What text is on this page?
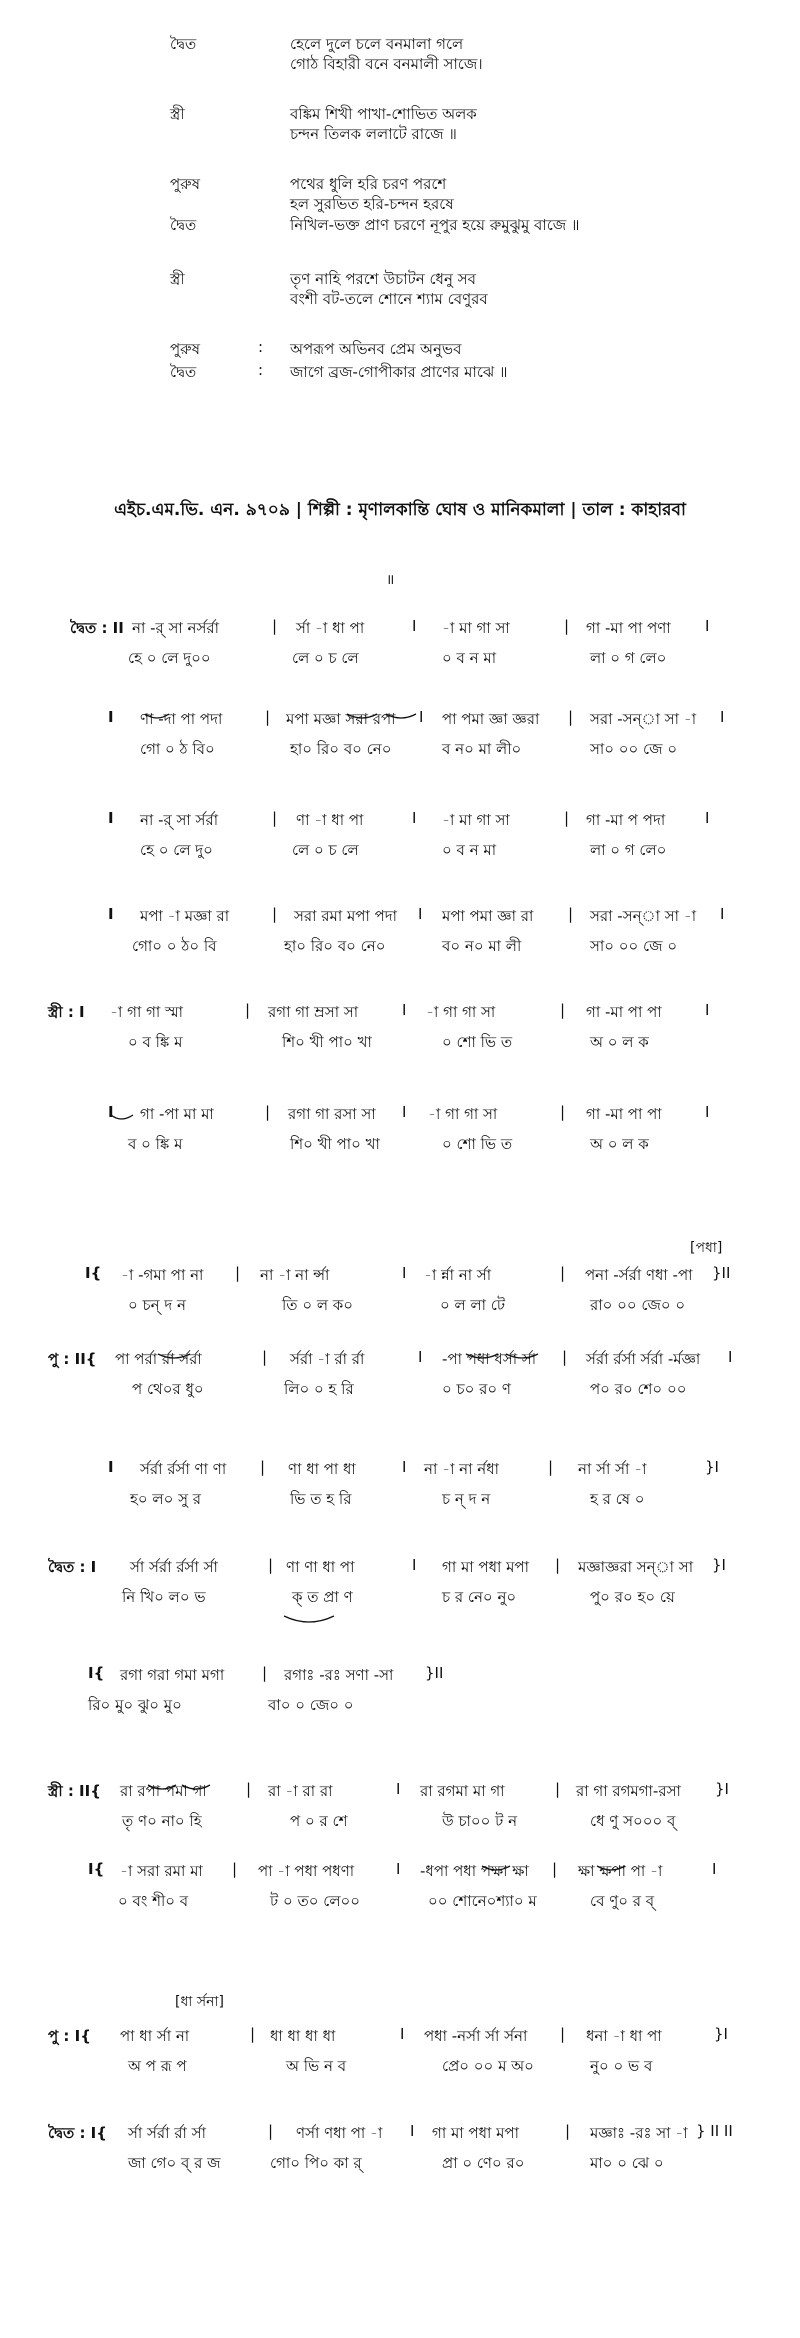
দ্বৈত	হেলে দুলে চলে বনমালা গলে
গোঠ বিহারী বনে বনমালী সাজে।
স্ত্রী	বঙ্কিম শিখী পাখা-শোভিত অলক
চন্দন তিলক ললাটে রাজে ॥
পুরুষ	পথের ধুলি হরি চরণ পরশে
হল সুরভিত হরি-চন্দন হরষে
দ্বৈত	নিখিল-ভক্ত প্রাণ চরণে নূপুর হয়ে রুমুঝুমু বাজে ॥
স্ত্রী	তৃণ নাহি পরশে উচাটন ধেনু সব
বংশী বট-তলে শোনে শ্যাম বেণুরব
পুরুষ	: অপরূপ অভিনব প্রেম অনুভব
দ্বৈত	: জাগে ব্রজ-গোপীকার প্রাণের মাঝে ॥
এইচ.এম.ভি. এন. ৯৭০৯ | শিল্পী : মৃণালকান্তি ঘোষ ও মানিকমালা | তাল : কাহারবা
॥
দ্বৈত : II না -র্ সা নর্সর্রা	| র্সা -া ধা পা	I -া মা গা সা	| গা -মা পা পণা I
হে ০ লে দু০০	লে ০ চ লে	০ ব ন মা	লা ০ গ লে০
I ণা -দা পা পদা	| মপা মজ্ঞা সরা রপা I পা পমা জ্ঞা জ্ঞরা | সরা -সন্‌া সা -া I
গো ০ ঠ বি০	হা০ রি০ ব০ নে০	ব ন০ মা লী০	সা০ ০০ জে ০
I না -র্ সা র্সর্রা	| ণা -া ধা পা	I -া মা গা সা	| গা -মা প পদা	I
হে ০ লে দু০	লে ০ চ লে	০ ব ন মা	লা ০ গ লে০
I মপা -া মজ্ঞা রা	| সরা রমা মপা পদা I মপা পমা জ্ঞা রা | সরা -সন্‌া সা -া I
গো০ ০ ঠ০ বি	হা০ রি০ ব০ নে০	ব০ ন০ মা লী	সা০ ০০ জে ০
স্ত্রী : I -া গা গা স্মা	| রগা গা ম্রসা সা	I -া গা গা সা	| গা -মা পা পা	I
০ ব ঙ্কি ম	শি০ খী পা০ খা	০ শো ভি ত	অ ০ ল ক
I গা -পা মা মা	| রগা গা রসা সা I -া গা গা সা	| গা -মা পা পা	I
ব ০ ঙ্কি ম	শি০ খী পা০ খা	০ শো ভি ত	অ ০ ল ক
I{ -া -গমা পা না | না -া না র্ন্সা	I -া র্ন্না না র্সা	| পনা -র্সর্রা ণধা -পা }II
০ চন্ দ ন	তি ০ ল ক০	০ ল লা টে	রা০ ০০ জে০ ০
পু : II{ পা পর্রা র্রা র্সর্রা	| র্সর্রা -া র্রা র্রা	I -পা পধা ধর্সা র্সা | র্সর্রা র্রর্সা র্সর্রা -র্মজ্ঞা I
প থে০র ধু০	লি০ ০ হ রি	০ চ০ র০ ণ	প০ র০ শে০ ০০
I র্সর্রা র্রর্সা ণা ণা | ণা ধা পা ধা	I না -া না র্নধা	| না র্সা র্সা -া	}I
হ০ ল০ সু র	ভি ত হ রি	চ ন্ দ ন	হ র ষে ০
দ্বৈত : I র্সা র্সর্রা র্রর্সা র্সা	| ণা ণা ধা পা	I গা মা পধা মপা | মজ্ঞাজ্ঞরা সন্‌া সা }I
নি খি০ ল০ ভ	ক্ ত প্রা ণ	চ র নে০ নু০	পু০ র০ হ০ য়ে
I{ রগা গরা গমা মগা	| রগাঃ -রঃ সণা -সা }II
রি০ মু০ ঝু০ মু০	বা০ ০ জে০ ০
স্ত্রী : II{ রা রপা পমা গা	| রা -া রা রা	I রা রগমা মা গা	| রা গা রগমগা-রসা }I
তৃ ণ০ না০ হি	প ০ র শে	উ চা০০ ট ন	ধে ণু স০০০ ব্
I{ -া সরা রমা মা | পা -া পধা পধণা	I -ধপা পধা পক্ষা ক্ষা | ক্ষা ক্ষপা পা -া	I
০ বং শী০ ব	ট ০ ত০ লে০০	০০ শোনে০শ্যা০ ম	বে ণু০ র ব্
পু : I{ পা ধা র্সা না	| ধা ধা ধা ধা	I পধা -নর্সা র্সা র্সনা | ধনা -া ধা পা	}I
অ প রূ প	অ ভি ন ব	প্রে০ ০০ ম অ০	নু০ ০ ভ ব
দ্বৈত : I{ র্সা র্সর্রা র্রা র্সা	| ণর্সা ণধা পা -া I গা মা পধা মপা	| মজ্ঞাঃ -রঃ সা -া } II II
জা গে০ ব্ র জ	গো০ পি০ কা র্	প্রা ০ ণে০ র০	মা০ ০ ঝে ০
[পধা]
[ধা র্সনা]
